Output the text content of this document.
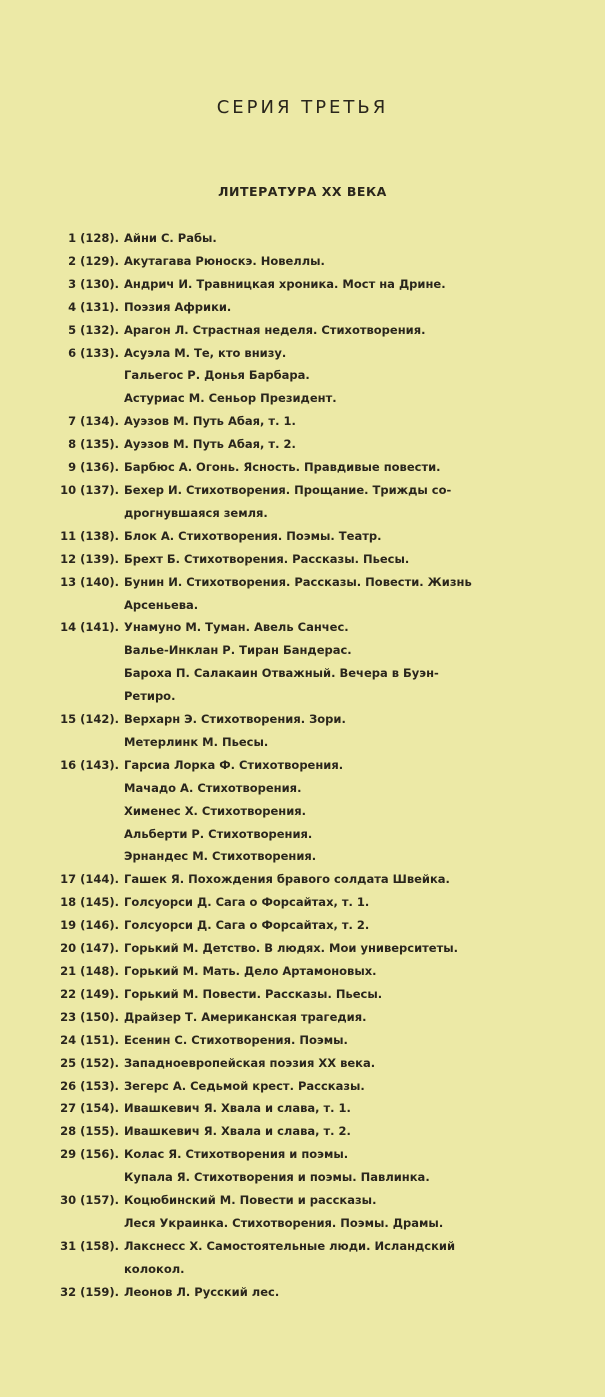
СЕРИЯ ТРЕТЬЯ
ЛИТЕРАТУРА XX ВЕКА
1 (128). Айни С. Рабы.
2 (129). Акутагава Рюноскэ. Новеллы.
3 (130). Андрич И. Травницкая хроника. Мост на Дрине.
4 (131). Поэзия Африки.
5 (132). Арагон Л. Страстная неделя. Стихотворения.
6 (133). Асуэла М. Те, кто внизу.
Гальегос Р. Донья Барбара.
Астуриас М. Сеньор Президент.
7 (134). Ауэзов М. Путь Абая, т. 1.
8 (135). Ауэзов М. Путь Абая, т. 2.
9 (136). Барбюс А. Огонь. Ясность. Правдивые повести.
10 (137). Бехер И. Стихотворения. Прощание. Трижды со-
дрогнувшаяся земля.
11 (138). Блок А. Стихотворения. Поэмы. Театр.
12 (139). Брехт Б. Стихотворения. Рассказы. Пьесы.
13 (140). Бунин И. Стихотворения. Рассказы. Повести. Жизнь
Арсеньева.
14 (141). Унамуно М. Туман. Авель Санчес.
Валье-Инклан Р. Тиран Бандерас.
Бароха П. Салакаин Отважный. Вечера в Буэн-
Ретиро.
15 (142). Верхарн Э. Стихотворения. Зори.
Метерлинк М. Пьесы.
16 (143). Гарсиа Лорка Ф. Стихотворения.
Мачадо А. Стихотворения.
Хименес Х. Стихотворения.
Альберти Р. Стихотворения.
Эрнандес М. Стихотворения.
17 (144). Гашек Я. Похождения бравого солдата Швейка.
18 (145). Голсуорси Д. Сага о Форсайтах, т. 1.
19 (146). Голсуорси Д. Сага о Форсайтах, т. 2.
20 (147). Горький М. Детство. В людях. Мои университеты.
21 (148). Горький М. Мать. Дело Артамоновых.
22 (149). Горький М. Повести. Рассказы. Пьесы.
23 (150). Драйзер Т. Американская трагедия.
24 (151). Есенин С. Стихотворения. Поэмы.
25 (152). Западноевропейская поэзия XX века.
26 (153). Зегерс А. Седьмой крест. Рассказы.
27 (154). Ивашкевич Я. Хвала и слава, т. 1.
28 (155). Ивашкевич Я. Хвала и слава, т. 2.
29 (156). Колас Я. Стихотворения и поэмы.
Купала Я. Стихотворения и поэмы. Павлинка.
30 (157). Коцюбинский М. Повести и рассказы.
Леся Украинка. Стихотворения. Поэмы. Драмы.
31 (158). Лакснесс Х. Самостоятельные люди. Исландский
колокол.
32 (159). Леонов Л. Русский лес.
